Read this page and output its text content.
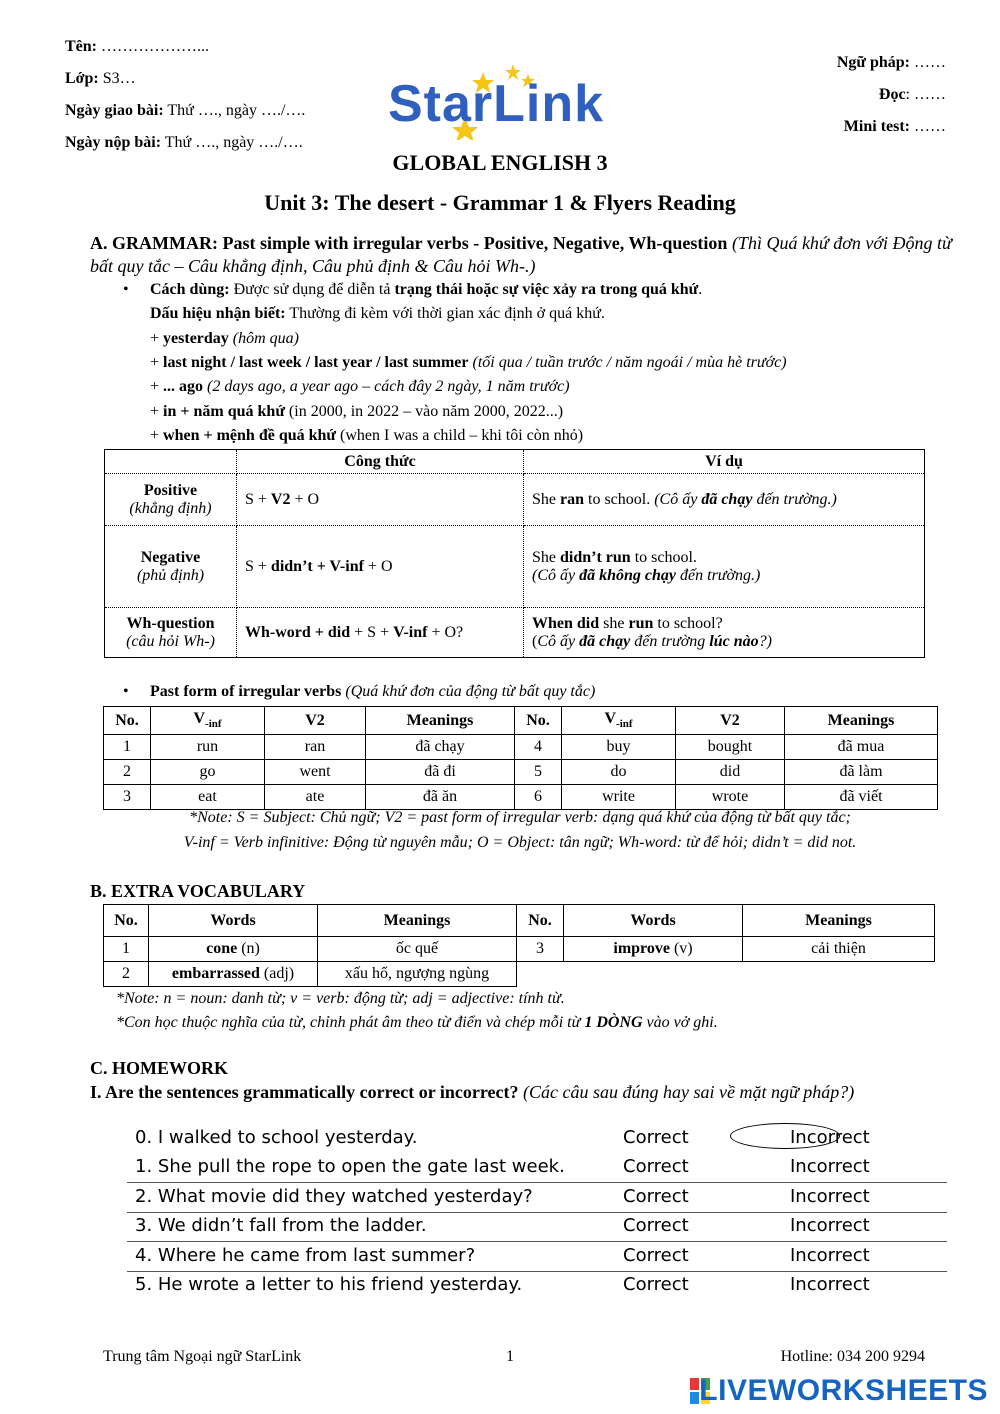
Tên: ………………...
Lớp: S3…
Ngày giao bài: Thứ …., ngày …./….
Ngày nộp bài: Thứ …., ngày …./….
Ngữ pháp: ……
Đọc: ……
Mini test: ……
StarLink
GLOBAL ENGLISH 3
Unit 3: The desert - Grammar 1 & Flyers Reading
A. GRAMMAR: Past simple with irregular verbs - Positive, Negative, Wh-question (Thì Quá khứ đơn với Động từ bất quy tắc – Câu khẳng định, Câu phủ định & Câu hỏi Wh-.)
• Cách dùng: Được sử dụng để diễn tả trạng thái hoặc sự việc xảy ra trong quá khứ.
Dấu hiệu nhận biết: Thường đi kèm với thời gian xác định ở quá khứ.
+ yesterday (hôm qua)
+ last night / last week / last year / last summer (tối qua / tuần trước / năm ngoái / mùa hè trước)
+ ... ago (2 days ago, a year ago – cách đây 2 ngày, 1 năm trước)
+ in + năm quá khứ (in 2000, in 2022 – vào năm 2000, 2022...)
+ when + mệnh đề quá khứ (when I was a child – khi tôi còn nhỏ)
	Công thức	Ví dụ
Positive
(khẳng định)	S + V2 + O	She ran to school. (Cô ấy đã chạy đến trường.)
Negative
(phủ định)	S + didn’t + V-inf + O	She didn’t run to school.
(Cô ấy đã không chạy đến trường.)
Wh-question
(câu hỏi Wh-)	Wh-word + did + S + V-inf + O?	When did she run to school?
(Cô ấy đã chạy đến trường lúc nào?)
• Past form of irregular verbs (Quá khứ đơn của động từ bất quy tắc)
No.	$V_{-inf}$	V2	Meanings	No.	$V_{-inf}$	V2	Meanings
1	run	ran	đã chạy	4	buy	bought	đã mua
2	go	went	đã đi	5	do	did	đã làm
3	eat	ate	đã ăn	6	write	wrote	đã viết
*Note: S = Subject: Chủ ngữ; V2 = past form of irregular verb: dạng quá khứ của động từ bất quy tắc;
V-inf = Verb infinitive: Động từ nguyên mẫu; O = Object: tân ngữ; Wh-word: từ để hỏi; didn’t = did not.
B. EXTRA VOCABULARY
No.	Words	Meanings	No.	Words	Meanings
1	cone (n)	ốc quế	3	improve (v)	cải thiện
2	embarrassed (adj)	xấu hổ, ngượng ngùng			
*Note: n = noun: danh từ; v = verb: động từ; adj = adjective: tính từ.
*Con học thuộc nghĩa của từ, chỉnh phát âm theo từ điển và chép mỗi từ 1 DÒNG vào vở ghi.
C. HOMEWORK
I. Are the sentences grammatically correct or incorrect? (Các câu sau đúng hay sai về mặt ngữ pháp?)
0. I walked to school yesterday.	Correct	Incorrect
1. She pull the rope to open the gate last week.	Correct	Incorrect
2. What movie did they watched yesterday?	Correct	Incorrect
3. We didn’t fall from the ladder.	Correct	Incorrect
4. Where he came from last summer?	Correct	Incorrect
5. He wrote a letter to his friend yesterday.	Correct	Incorrect
Trung tâm Ngoại ngữ StarLink	1	Hotline: 034 200 9294
LIVEWORKSHEETS
